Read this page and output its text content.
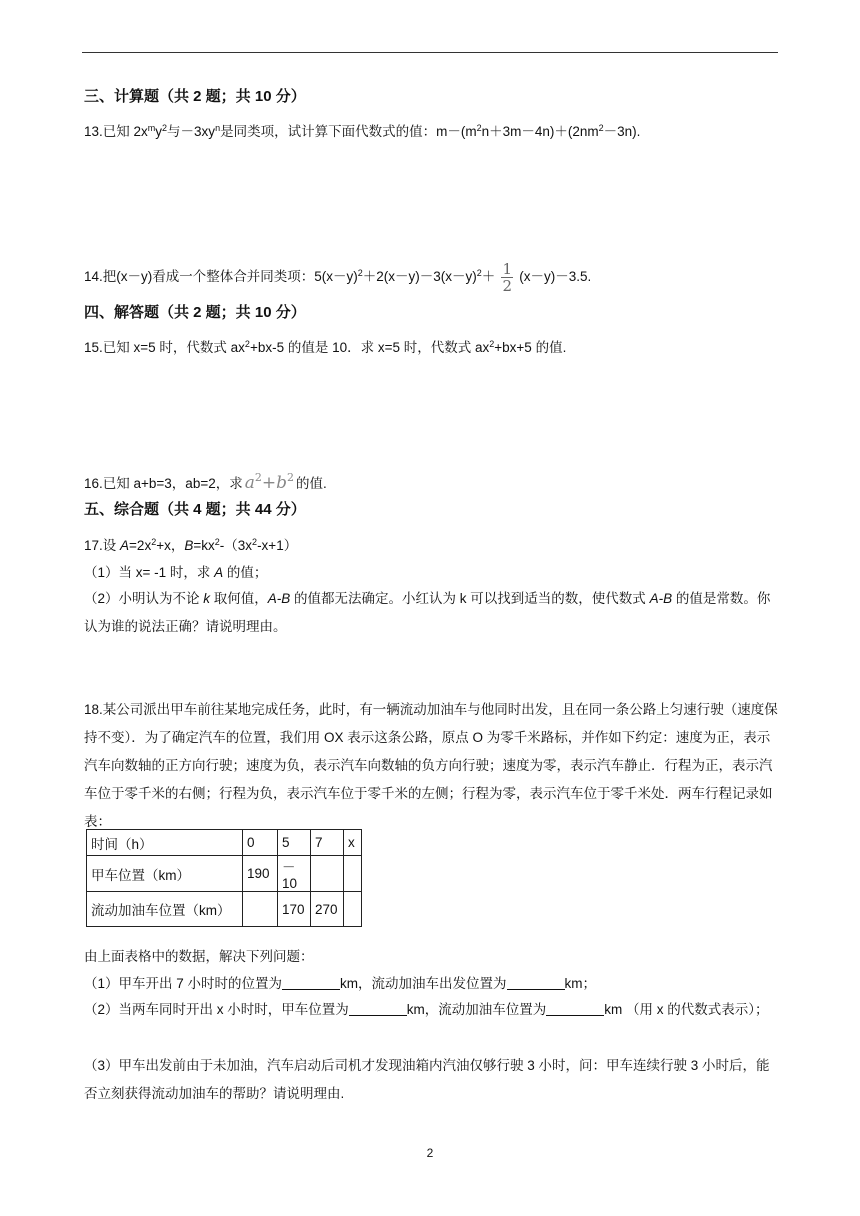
三、计算题（共 2 题；共 10 分）
13.已知 $2x^my^2$与$-3xy^n$是同类项，试计算下面代数式的值：$m-(m^2n+3m-4n)+(2nm^2-3n)$.
14.把(x－y)看成一个整体合并同类项：$5(x-y)^2+2(x-y)-3(x-y)^2+ \frac{1}{2} (x-y)-3.5$.
四、解答题（共 2 题；共 10 分）
15.已知 x=5 时，代数式 $ax^2+bx-5$ 的值是 10．求 x=5 时，代数式 $ax^2+bx+5$ 的值.
16.已知 a+b=3，ab=2，求 $a^2+b^2$ 的值.
五、综合题（共 4 题；共 44 分）
17.设 $A=2x^2+x$，$B=kx^2-(3x^2-x+1)$
（1）当 x= -1 时，求 A 的值；
（2）小明认为不论 k 取何值，A-B 的值都无法确定。小红认为 k 可以找到适当的数，使代数式 A-B 的值是常数。你认为谁的说法正确？请说明理由。
18.某公司派出甲车前往某地完成任务，此时，有一辆流动加油车与他同时出发，且在同一条公路上匀速行驶（速度保持不变）．为了确定汽车的位置，我们用 OX 表示这条公路，原点 O 为零千米路标，并作如下约定：速度为正，表示汽车向数轴的正方向行驶；速度为负，表示汽车向数轴的负方向行驶；速度为零，表示汽车静止．行程为正，表示汽车位于零千米的右侧；行程为负，表示汽车位于零千米的左侧；行程为零，表示汽车位于零千米处．两车行程记录如表：
时间（h）	0	5	7	x
甲车位置（km）	190	－10		
流动加油车位置（km）		170	270	
由上面表格中的数据，解决下列问题：
（1）甲车开出 7 小时时的位置为	km，流动加油车出发位置为	km；
（2）当两车同时开出 x 小时时，甲车位置为	km，流动加油车位置为	km （用 x 的代数式表示）；
（3）甲车出发前由于未加油，汽车启动后司机才发现油箱内汽油仅够行驶 3 小时，问：甲车连续行驶 3 小时后，能否立刻获得流动加油车的帮助？请说明理由.
2
